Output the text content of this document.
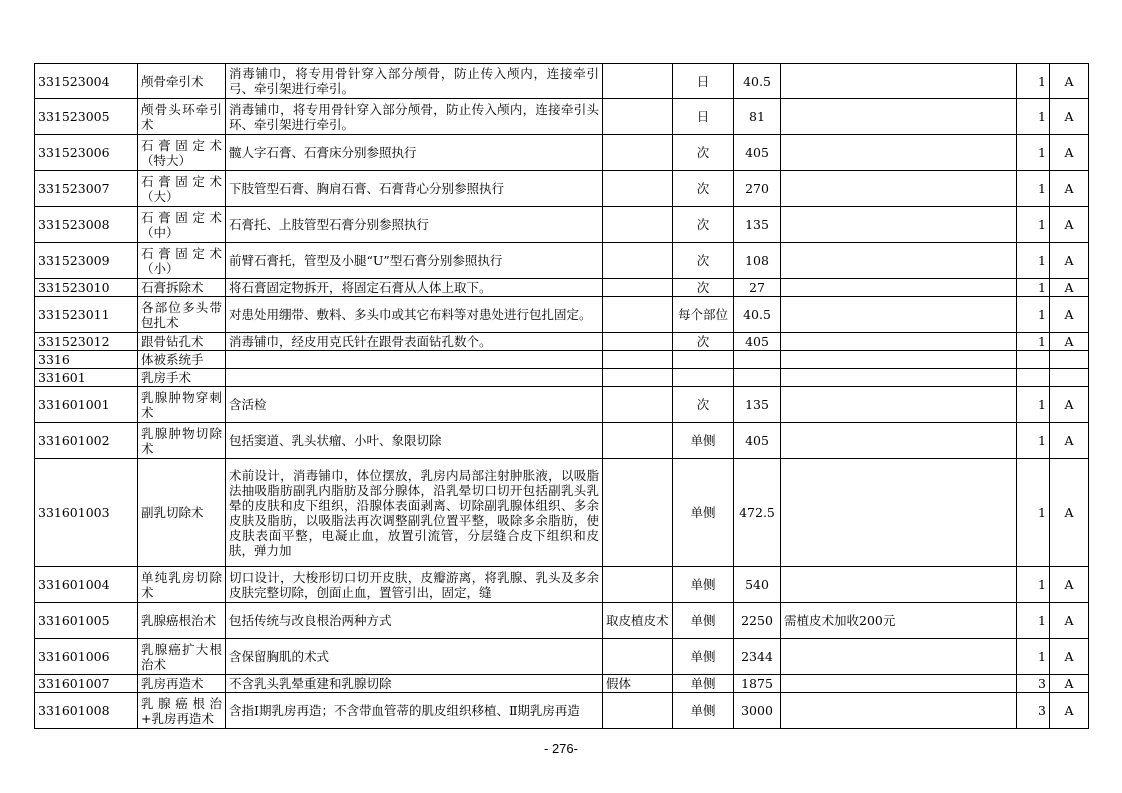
331523004	颅骨牵引术	消毒铺巾，将专用骨针穿入部分颅骨，防止传入颅内，连接牵引弓、牵引架进行牵引。		日	40.5		1	A
331523005	颅骨头环牵引术	消毒铺巾，将专用骨针穿入部分颅骨，防止传入颅内，连接牵引头环、牵引架进行牵引。		日	81		1	A
331523006	石膏固定术（特大）	髋人字石膏、石膏床分别参照执行		次	405		1	A
331523007	石膏固定术（大）	下肢管型石膏、胸肩石膏、石膏背心分别参照执行		次	270		1	A
331523008	石膏固定术（中）	石膏托、上肢管型石膏分别参照执行		次	135		1	A
331523009	石膏固定术（小）	前臂石膏托，管型及小腿“U”型石膏分别参照执行		次	108		1	A
331523010	石膏拆除术	将石膏固定物拆开，将固定石膏从人体上取下。		次	27		1	A
331523011	各部位多头带包扎术	对患处用绷带、敷料、多头巾或其它布料等对患处进行包扎固定。		每个部位	40.5		1	A
331523012	跟骨钻孔术	消毒铺巾，经皮用克氏针在跟骨表面钻孔数个。		次	405		1	A
3316	体被系统手							
331601	乳房手术							
331601001	乳腺肿物穿刺术	含活检		次	135		1	A
331601002	乳腺肿物切除术	包括窦道、乳头状瘤、小叶、象限切除		单侧	405		1	A
331601003	副乳切除术	术前设计，消毒铺巾，体位摆放，乳房内局部注射肿胀液，以吸脂法抽吸脂肪副乳内脂肪及部分腺体，沿乳晕切口切开包括副乳头乳晕的皮肤和皮下组织，沿腺体表面剥离、切除副乳腺体组织、多余皮肤及脂肪，以吸脂法再次调整副乳位置平整，吸除多余脂肪，使皮肤表面平整，电凝止血，放置引流管，分层缝合皮下组织和皮肤，弹力加		单侧	472.5		1	A
331601004	单纯乳房切除术	切口设计，大梭形切口切开皮肤，皮瓣游离，将乳腺、乳头及多余皮肤完整切除，创面止血，置管引出，固定，缝		单侧	540		1	A
331601005	乳腺癌根治术	包括传统与改良根治两种方式	取皮植皮术	单侧	2250	需植皮术加收200元	1	A
331601006	乳腺癌扩大根治术	含保留胸肌的术式		单侧	2344		1	A
331601007	乳房再造术	不含乳头乳晕重建和乳腺切除	假体	单侧	1875		3	A
331601008	乳腺癌根治+乳房再造术	含指Ⅰ期乳房再造；不含带血管蒂的肌皮组织移植、Ⅱ期乳房再造		单侧	3000		3	A
- 276-
